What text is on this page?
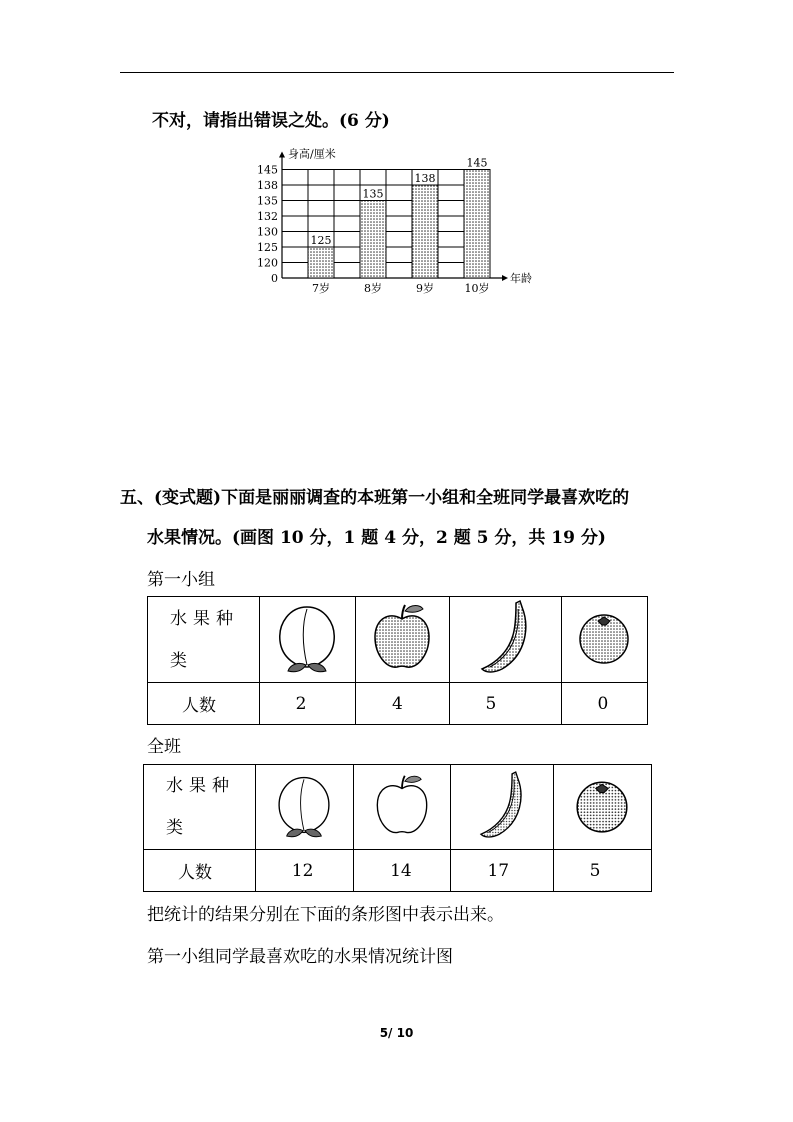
不对，请指出错误之处。(6 分)
0
120
125
130
132
135
138
145
身高/厘米
年龄
125
7岁
135
8岁
138
9岁
145
10岁
五、(变式题)下面是丽丽调查的本班第一小组和全班同学最喜欢吃的
水果情况。(画图 10 分，1 题 4 分，2 题 5 分，共 19 分)
第一小组
水果种
类

人数	2	4	5	0
全班
水果种
类

人数	12	14	17	5
把统计的结果分别在下面的条形图中表示出来。
第一小组同学最喜欢吃的水果情况统计图
5/ 10
